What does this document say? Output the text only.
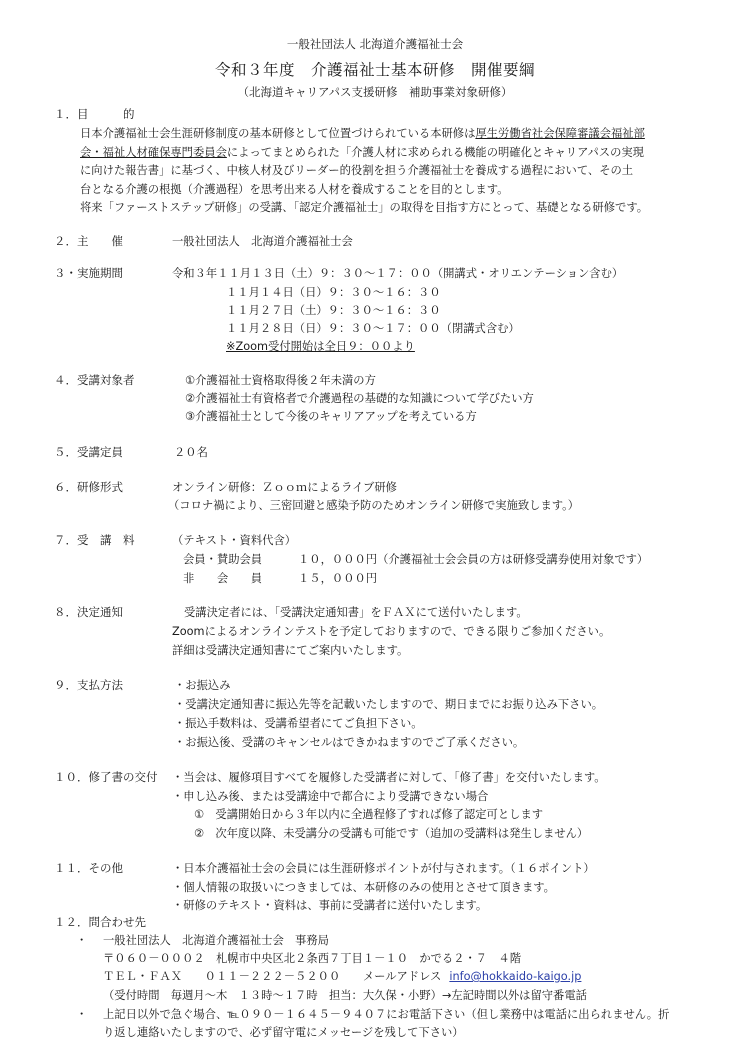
一般社団法人 北海道介護福祉士会
令和３年度　介護福祉士基本研修　開催要綱
（北海道キャリアパス支援研修　補助事業対象研修）
１．目　　　的
日本介護福祉士会生涯研修制度の基本研修として位置づけられている本研修は厚生労働省社会保障審議会福祉部
会・福祉人材確保専門委員会によってまとめられた「介護人材に求められる機能の明確化とキャリアパスの実現
に向けた報告書」に基づく、中核人材及びリーダー的役割を担う介護福祉士を養成する過程において、その土
台となる介護の根拠（介護過程）を思考出来る人材を養成することを目的とします。
将来「ファーストステップ研修」の受講、「認定介護福祉士」の取得を目指す方にとって、基礎となる研修です。
２．主　　催	一般社団法人　北海道介護福祉士会
３・実施期間	令和３年１１月１３日（土）９：３０～１７：００（開講式・オリエンテーション含む）
１１月１４日（日）９：３０～１６：３０
１１月２７日（土）９：３０～１６：３０
１１月２８日（日）９：３０～１７：００（閉講式含む）
※Zoom受付開始は全日９：００より
４．受講対象者	①介護福祉士資格取得後２年未満の方
②介護福祉士有資格者で介護過程の基礎的な知識について学びたい方
③介護福祉士として今後のキャリアアップを考えている方
５．受講定員	２０名
６．研修形式	オンライン研修：Ｚｏｏｍによるライブ研修
（コロナ禍により、三密回避と感染予防のためオンライン研修で実施致します。）
７．受　講　料	（テキスト・資料代含）
会員・賛助会員	１０，０００円（介護福祉士会会員の方は研修受講券使用対象です）
非　　会　　員	１５，０００円
８．決定通知	受講決定者には、「受講決定通知書」をＦＡＸにて送付いたします。
Zoomによるオンラインテストを予定しておりますので、できる限りご参加ください。
詳細は受講決定通知書にてご案内いたします。
９．支払方法	・お振込み
・受講決定通知書に振込先等を記載いたしますので、期日までにお振り込み下さい。
・振込手数料は、受講希望者にてご負担下さい。
・お振込後、受講のキャンセルはできかねますのでご了承ください。
１０．修了書の交付 ・当会は、履修項目すべてを履修した受講者に対して、「修了書」を交付いたします。
・申し込み後、または受講途中で都合により受講できない場合
①　受講開始日から３年以内に全過程修了すれば修了認定可とします
②　次年度以降、未受講分の受講も可能です（追加の受講料は発生しません）
１１．その他	・日本介護福祉士会の会員には生涯研修ポイントが付与されます。（１６ポイント）
・個人情報の取扱いにつきましては、本研修のみの使用とさせて頂きます。
・研修のテキスト・資料は、事前に受講者に送付いたします。
１２．問合わせ先
・ 一般社団法人　北海道介護福祉士会　事務局
〒０６０－０００２　札幌市中央区北２条西７丁目１－１０　かでる２・７　４階
ＴＥＬ・ＦＡＸ　　０１１－２２２－５２００　　メールアドレス info@hokkaido-kaigo.jp
（受付時間　毎週月～木　１３時～１７時　担当：大久保・小野）→左記時間以外は留守番電話
・ 上記日以外で急ぐ場合、℡０９０－１６４５－９４０７にお電話下さい（但し業務中は電話に出られません。折
り返し連絡いたしますので、必ず留守電にメッセージを残して下さい）
